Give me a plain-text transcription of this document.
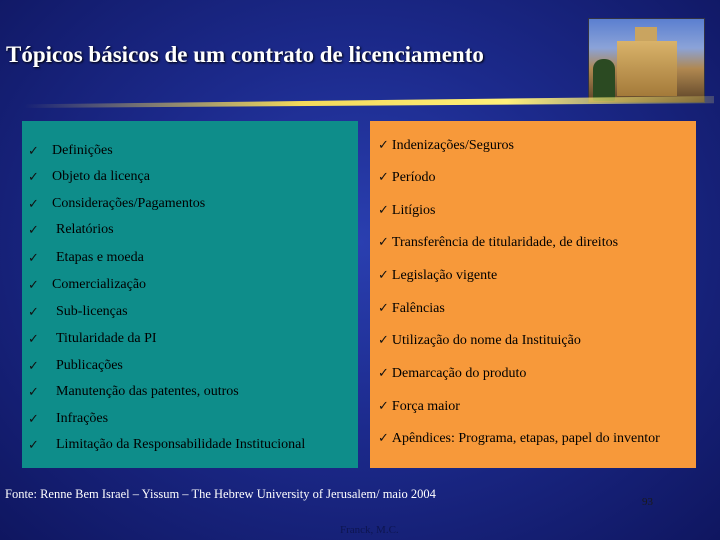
Tópicos básicos de um contrato de licenciamento
✓ Definições
✓ Objeto da licença
✓ Considerações/Pagamentos
✓ Relatórios
✓ Etapas e moeda
✓ Comercialização
✓ Sub-licenças
✓ Titularidade da PI
✓ Publicações
✓ Manutenção das patentes, outros
✓ Infrações
✓ Limitação da Responsabilidade Institucional
✓ Indenizações/Seguros
✓ Período
✓ Litígios
✓ Transferência de titularidade, de direitos
✓ Legislação vigente
✓ Falências
✓ Utilização do nome da Instituição
✓ Demarcação do produto
✓ Força maior
✓ Apêndices: Programa, etapas, papel do inventor
Fonte: Renne Bem Israel – Yissum – The Hebrew University of Jerusalem/ maio 2004
93
Franck, M.C.
